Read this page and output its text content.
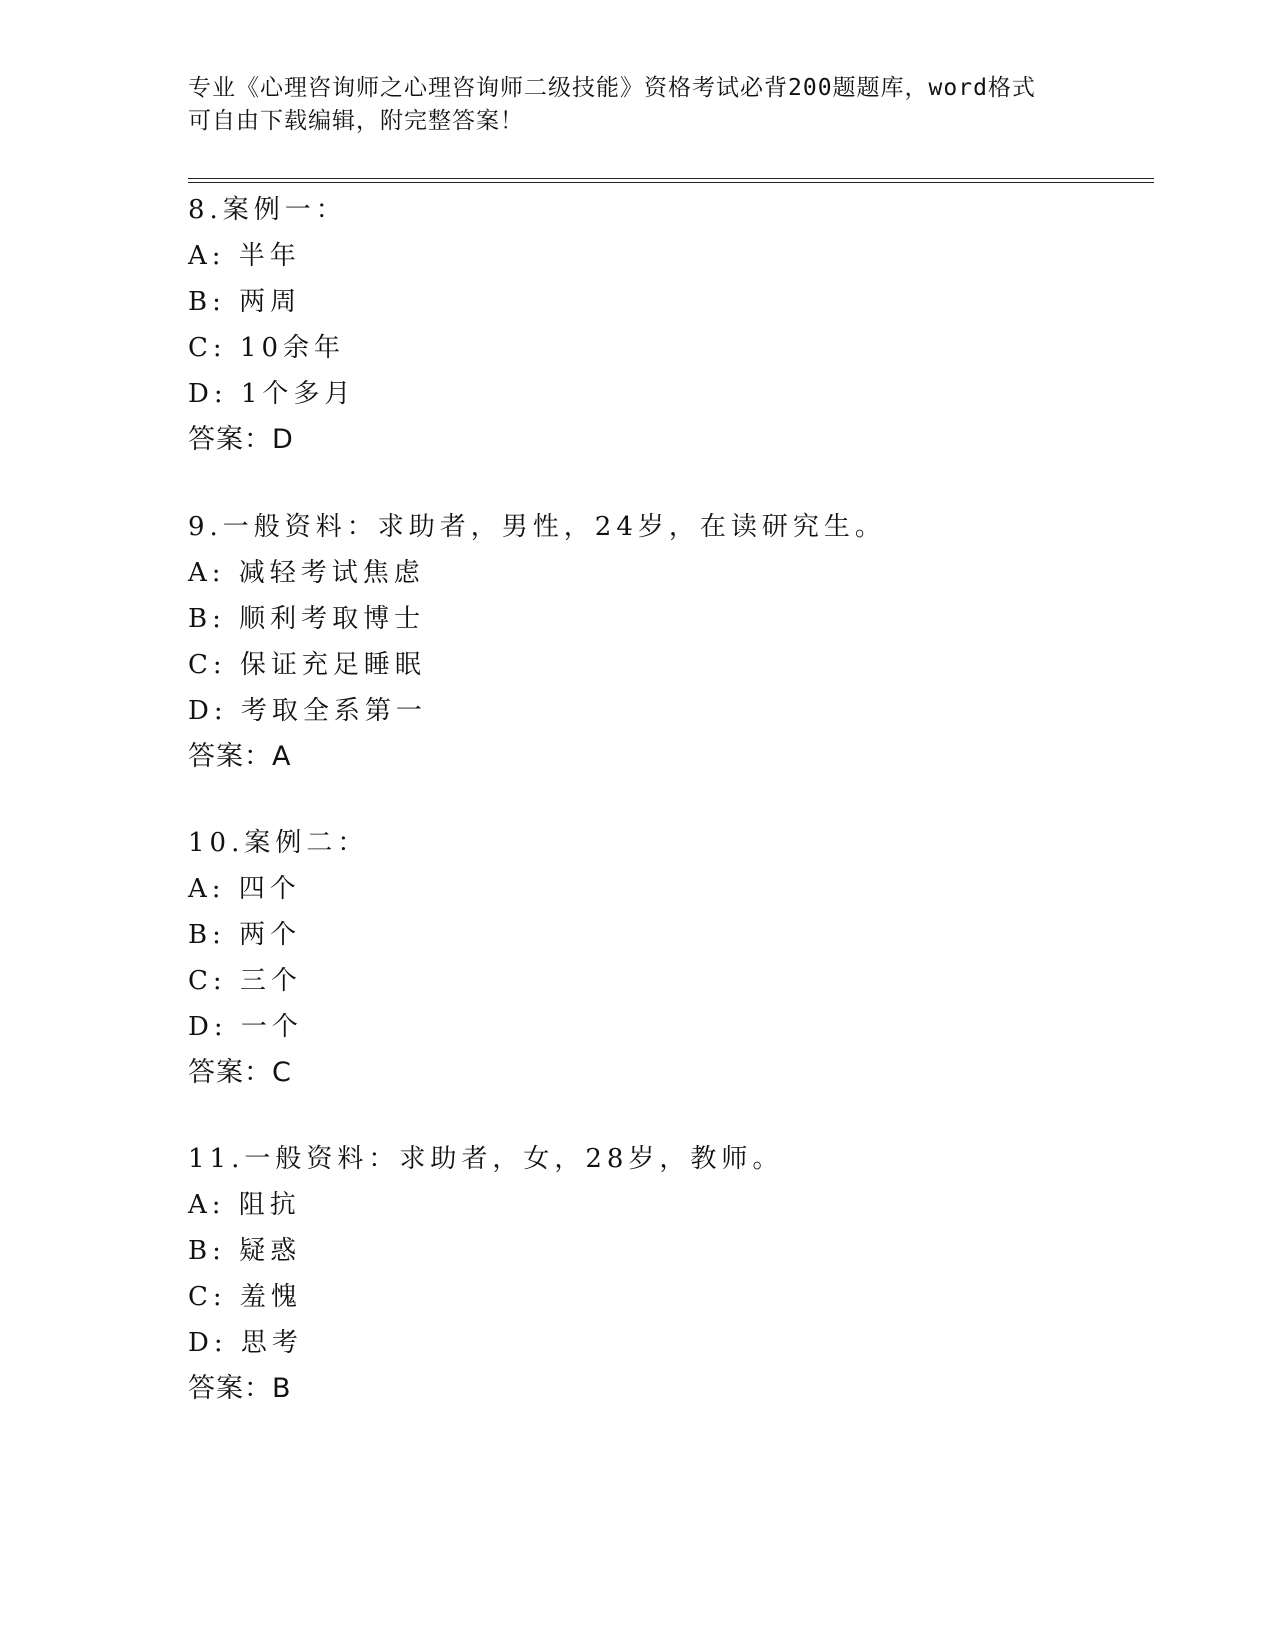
专业《心理咨询师之心理咨询师二级技能》资格考试必背200题题库，word格式
可自由下载编辑，附完整答案！
8.案例一：
A: 半年
B: 两周
C: 10余年
D: 1个多月
答案：D
9.一般资料：求助者，男性，24岁，在读研究生。
A: 减轻考试焦虑
B: 顺利考取博士
C: 保证充足睡眠
D: 考取全系第一
答案：A
10.案例二：
A: 四个
B: 两个
C: 三个
D: 一个
答案：C
11.一般资料：求助者，女，28岁，教师。
A: 阻抗
B: 疑惑
C: 羞愧
D: 思考
答案：B
